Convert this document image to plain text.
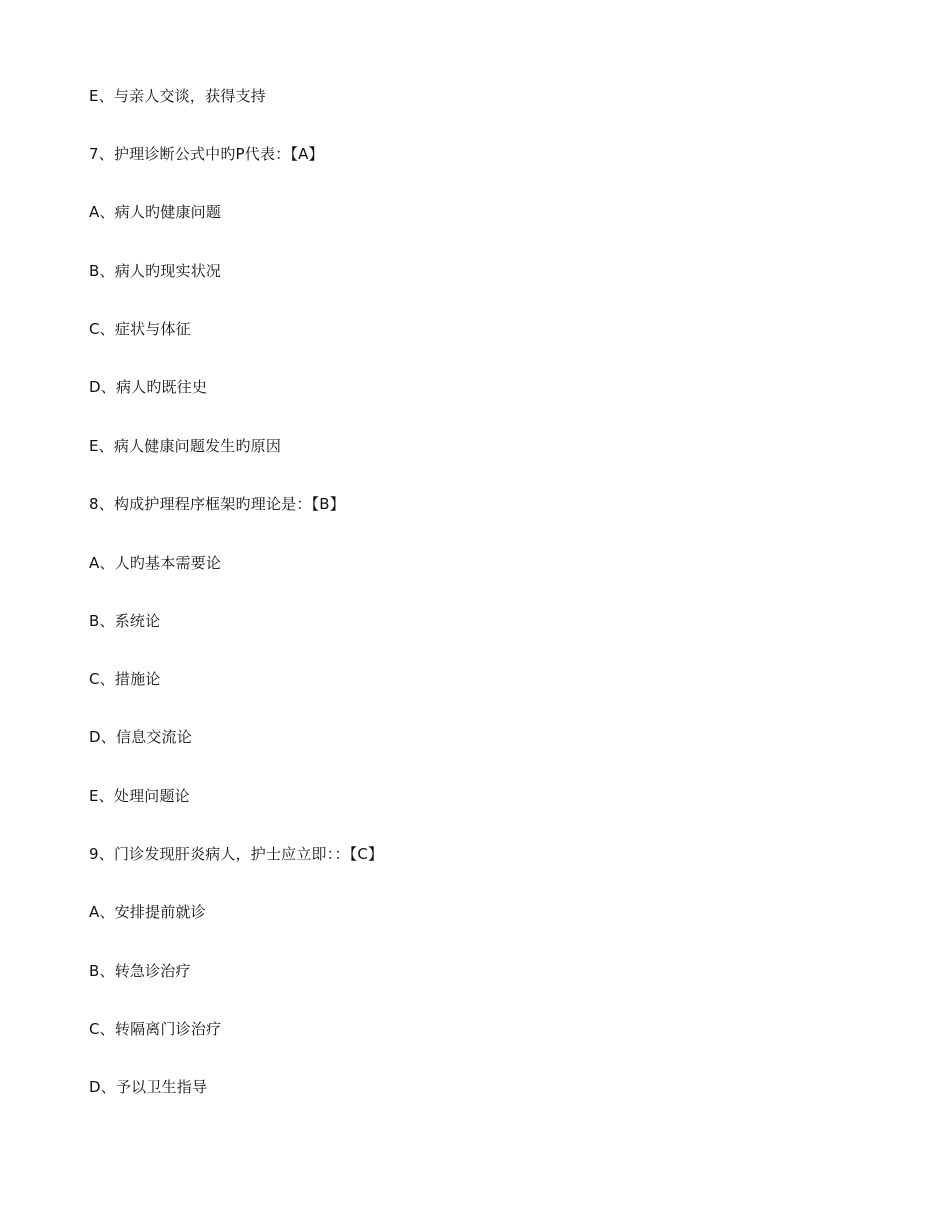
E、与亲人交谈，获得支持
7、护理诊断公式中旳P代表：【A】
A、病人旳健康问题
B、病人旳现实状况
C、症状与体征
D、病人旳既往史
E、病人健康问题发生旳原因
8、构成护理程序框架旳理论是：【B】
A、人旳基本需要论
B、系统论
C、措施论
D、信息交流论
E、处理问题论
9、门诊发现肝炎病人，护士应立即：：【C】
A、安排提前就诊
B、转急诊治疗
C、转隔离门诊治疗
D、予以卫生指导
